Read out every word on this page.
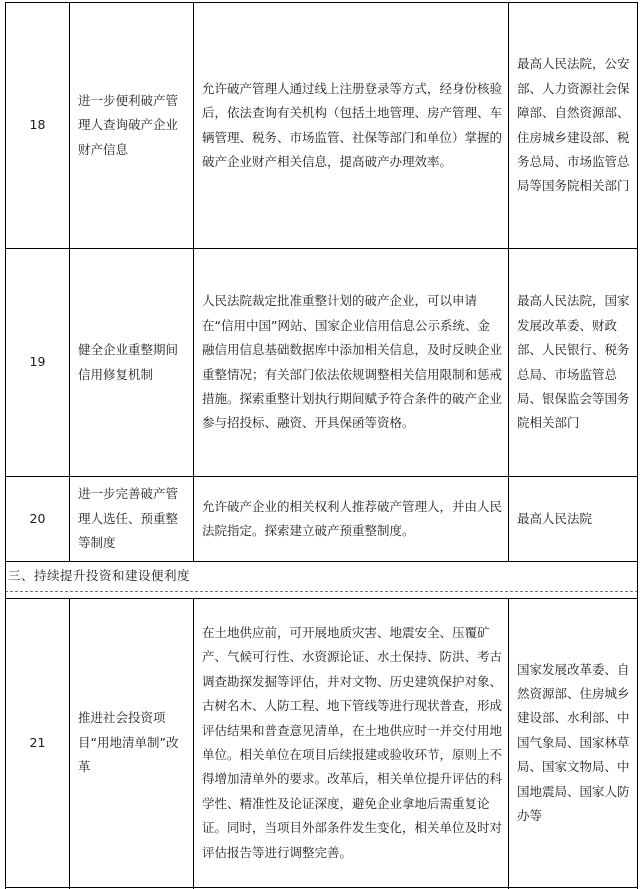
18
进一步便利破产管理人查询破产企业财产信息
允许破产管理人通过线上注册登录等方式，经身份核验后，依法查询有关机构（包括土地管理、房产管理、车辆管理、税务、市场监管、社保等部门和单位）掌握的破产企业财产相关信息，提高破产办理效率。
最高人民法院，公安部、人力资源社会保障部、自然资源部、住房城乡建设部、税务总局、市场监管总局等国务院相关部门
19
健全企业重整期间信用修复机制
人民法院裁定批准重整计划的破产企业，可以申请在“信用中国”网站、国家企业信用信息公示系统、金融信用信息基础数据库中添加相关信息，及时反映企业重整情况；有关部门依法依规调整相关信用限制和惩戒措施。探索重整计划执行期间赋予符合条件的破产企业参与招投标、融资、开具保函等资格。
最高人民法院，国家发展改革委、财政部、人民银行、税务总局、市场监管总局、银保监会等国务院相关部门
20
进一步完善破产管理人选任、预重整等制度
允许破产企业的相关权利人推荐破产管理人，并由人民法院指定。探索建立破产预重整制度。
最高人民法院
三、持续提升投资和建设便利度
21
推进社会投资项目“用地清单制”改革
在土地供应前，可开展地质灾害、地震安全、压覆矿产、气候可行性、水资源论证、水土保持、防洪、考古调查勘探发掘等评估，并对文物、历史建筑保护对象、古树名木、人防工程、地下管线等进行现状普查，形成评估结果和普查意见清单，在土地供应时一并交付用地单位。相关单位在项目后续报建或验收环节，原则上不得增加清单外的要求。改革后，相关单位提升评估的科学性、精准性及论证深度，避免企业拿地后需重复论证。同时，当项目外部条件发生变化，相关单位及时对评估报告等进行调整完善。
国家发展改革委、自然资源部、住房城乡建设部、水利部、中国气象局、国家林草局、国家文物局、中国地震局、国家人防办等
